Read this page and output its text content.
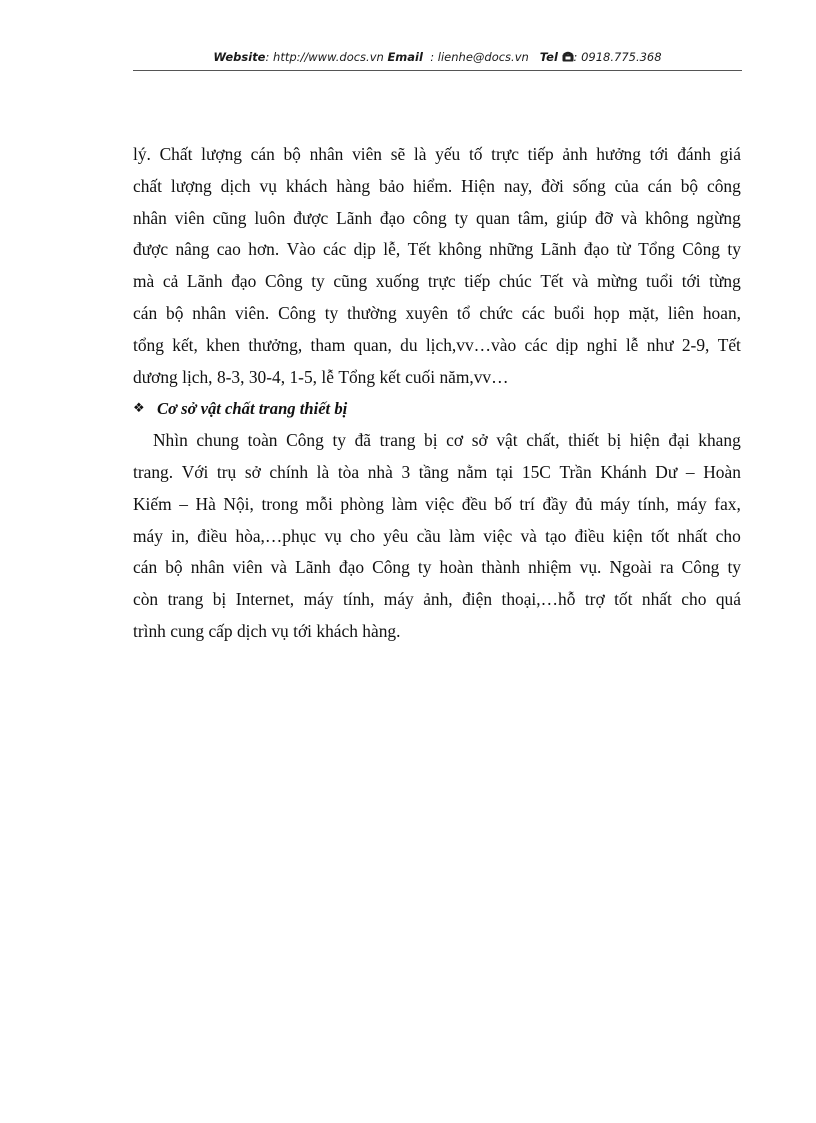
Website: http://www.docs.vn Email : lienhe@docs.vn Tel : 0918.775.368
lý. Chất lượng cán bộ nhân viên sẽ là yếu tố trực tiếp ảnh hưởng tới đánh giá
chất lượng dịch vụ khách hàng bảo hiểm. Hiện nay, đời sống của cán bộ công
nhân viên cũng luôn được Lãnh đạo công ty quan tâm, giúp đỡ và không ngừng
được nâng cao hơn. Vào các dịp lễ, Tết không những Lãnh đạo từ Tổng Công ty
mà cả Lãnh đạo Công ty cũng xuống trực tiếp chúc Tết và mừng tuổi tới từng
cán bộ nhân viên. Công ty thường xuyên tổ chức các buổi họp mặt, liên hoan,
tổng kết, khen thưởng, tham quan, du lịch,vv…vào các dịp nghỉ lễ như 2-9, Tết
dương lịch, 8-3, 30-4, 1-5, lễ Tổng kết cuối năm,vv…
❖ Cơ sở vật chất trang thiết bị
Nhìn chung toàn Công ty đã trang bị cơ sở vật chất, thiết bị hiện đại khang
trang. Với trụ sở chính là tòa nhà 3 tầng nằm tại 15C Trần Khánh Dư – Hoàn
Kiếm – Hà Nội, trong mỗi phòng làm việc đều bố trí đầy đủ máy tính, máy fax,
máy in, điều hòa,…phục vụ cho yêu cầu làm việc và tạo điều kiện tốt nhất cho
cán bộ nhân viên và Lãnh đạo Công ty hoàn thành nhiệm vụ. Ngoài ra Công ty
còn trang bị Internet, máy tính, máy ảnh, điện thoại,…hỗ trợ tốt nhất cho quá
trình cung cấp dịch vụ tới khách hàng.
